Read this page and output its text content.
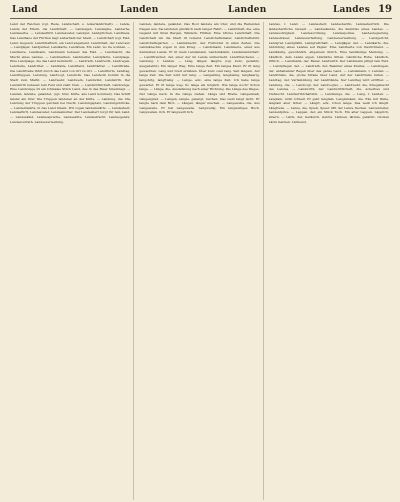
Land	Landen	Landen	Landes 19

Land der Reichen (vgl. Rede, Landschaft, s. Ackerlandſchaft). -- Lande, Lande der Eltern, die Landſchaft. — Landeigen, Landeigne, Landerbe, Landeserbe. — Landesfürſt, Landesvater, Landgut, Landgütchen, Landhaus. Das Landhaus der Fürſten liegt außerhalb der Stadt. — Landſchaft (vgl. Feld, Land, Gegend). Landſchaftlich, ein Land angehend. Landſchaft, der Land auf. — Landjäger, Landjunker, Landkarte, Landkreis. Ein Land, wo ſie wohnen. — Landleute, Landmann, Landmann bebauet das Feld. — Landmacht, die Macht eines Landes. — Landmarken, Landmeſſer, Landpfarre, Landplage. Eine Landplage, die das Land heimſucht. — Landrath, Landrecht, Landregen, Landreiſe, Landritter. — Landſaſſe, Landſtand, Landſtädter. — Landſtraße. Die Landſtraße führt durch das Land von Ort zu Ort. — Landſturm, Landtag, Landtruppen, Landung, Landvogt, Landvolk. Das Landvolk kommt in die Stadt zum Markt. — Landwehr, Landwein, Landwind, Landwirth. Der Landwirth bebauet ſein Feld und zieht Vieh. — Landwirthſchaft, Landzunge. Eine Landzunge iſt ein ſchmales Stück Land, das in das Meer hineinragt. — Landen, landete, gelandet, (vgl. Ufer, Küſte, ans Land kommen). Das Schiff landet am Ufer. Die Truppen landeten an der Küſte. — Landung, die. Die Landung der Truppen geſchah bei Nacht. Landungsplatz, Landungsbrücke. — Landeinwärts, in das Land hinein. Wir zogen landeinwärts. — Landesherr, Landesfürſt, Landesvater, Landesmutter. Der Landesherr ſorgt für ſein Land. — Landeskind, Landessprache, Landessitte, Landestracht, Landesgeſetz, Landesverrath, Landesverweiſung.

Landen, landete, gelandet. Das Boot landete am Ufer, und die Reiſenden ſtiegen aus. Sie landeten glücklich nach langer Fahrt. — Landſchaft, die, eine Gegend mit ihren Bergen, Wäldern, Flüſſen. Eine ſchöne Landſchaft. Die Landſchaft um die Stadt iſt reizend. Landſchaftsmaler, Landſchaftsbild, Landſchaftsgarten. — Landsknecht, der, Fußſoldat in alten Zeiten. Die Landsknechte zogen in den Krieg. — Landsmann, Landsleute, einer aus demſelben Lande. Er iſt mein Landsmann. Landsmännin, Landsmannſchaft. — Landſtreicher, der, einer der im Lande umherzieht. Landſtreicherei. — Landung, ſ. Landen. — Lang, länger, längſte (vgl. kurz, gedehnt, ausgedehnt). Ein langer Weg. Eine lange Zeit. Ein langes Kleid. Er iſt lang gewachſen. Lang und breit erzählen. Über kurz oder lang. Seit langem. Auf lange Zeit. Die Zeit wird mir lang. — Langarmig, langbeinig, langhaarig, langohrig, langſtielig. — Lange, adv., eine lange Zeit. Ich habe lange gewartet. Er iſt lange weg. So lange als möglich. Wie lange noch? Schon lange. — Länge, die, Ausdehnung nach einer Richtung. Die Länge des Weges. Der Länge nach. In die Länge ziehen. Länge und Breite. Längenmaß, Längengrad. — Langen, langte, gelangt, reichen. Das Geld langt nicht. Er langte nach dem Brot. — Längen, länger machen. — Langeweile, die. Aus Langeweile. Er hat Langeweile. Langweilig. Ein langweiliges Buch. Langweilen, ſich. Er langweilt ſich.

Landes, ſ. Land. — Landesherr, Landesherrin, Landesherrlich. Die landesherrliche Gewalt. — Landeskunde, die Kenntnis eines Landes. — Landesobrigkeit, Landesordnung, Landespolizei, Landesregierung, Landestrauer, Landesverfaſſung, Landesverwaltung. — Landgericht, Landgraf, Landgräfin, Landgrafſchaft. — Landjäger, der. — Landkarte, die, Abbildung eines Landes auf Papier. Eine Landkarte von Deutſchland. — Landläufig, gewöhnlich, allgemein üblich. Eine landläufige Meinung. — Ländlich, dem Lande eigen. Ländliche Sitten. Ländliche Ruhe. Ländlich, ſittlich. — Landmann, der, Bauer, Landwirth. Der Landmann pflügt ſein Feld. — Landpfleger, der. — Landrath, der, Beamter eines Kreiſes. — Landregen, der, anhaltender Regen über das ganze Land. — Landsmann, ſ. Landen. — Landſtraße, die, große Straße über Land. Auf der Landſtraße reiſen. — Landtag, der, Verſammlung der Landſtände. Der Landtag wird eröffnet. — Landung, die. — Landvogt, der. Landvogtei. — Landwehr, die, Kriegsmacht des Landes. — Landwirth, der. Landwirthſchaft, die, Ackerbau und Viehzucht. Landwirthſchaftlich. — Landzunge, die. — Lang, ſ. Landen. — Langſam, nicht ſchnell. Er geht langſam. Langſamkeit, die. Eile mit Weile, langſam aber ſicher. — Längſt, adv., ſchon lange. Das weiß ich längſt. Längſtens. — Lanze, die, Spieß, Speer. Mit der Lanze ſtechen. Lanzenreiter, Lanzenſpitze. — Lappen, der, ein Stück Tuch. Ein alter Lappen. Läppiſch, albern. — Lärm, der, Geräuſch, Getöſe. Lärmen, lärmte, gelärmt. Großen Lärm machen. Lärmend.
